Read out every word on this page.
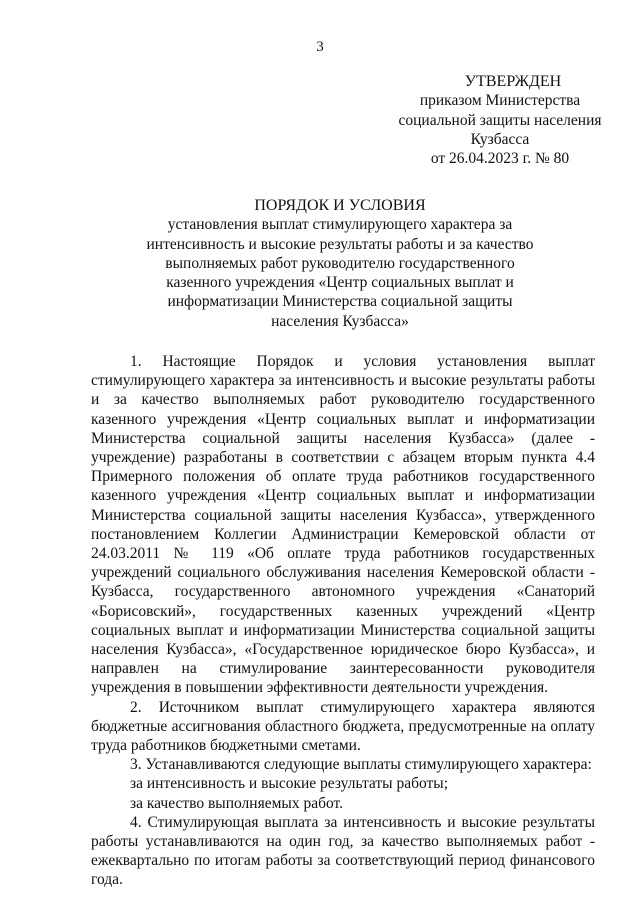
3
УТВЕРЖДЕН
приказом Министерства
социальной защиты населения
Кузбасса
от 26.04.2023 г. № 80
ПОРЯДОК И УСЛОВИЯ
установления выплат стимулирующего характера за
интенсивность и высокие результаты работы и за качество
выполняемых работ руководителю государственного
казенного учреждения «Центр социальных выплат и
информатизации Министерства социальной защиты
населения Кузбасса»

1. Настоящие Порядок и условия установления выплат стимулирующего характера за интенсивность и высокие результаты работы и за качество выполняемых работ руководителю государственного казенного учреждения «Центр социальных выплат и информатизации Министерства социальной защиты населения Кузбасса» (далее - учреждение) разработаны в соответствии с абзацем вторым пункта 4.4 Примерного положения об оплате труда работников государственного казенного учреждения «Центр социальных выплат и информатизации Министерства социальной защиты населения Кузбасса», утвержденного постановлением Коллегии Администрации Кемеровской области от 24.03.2011 № 119 «Об оплате труда работников государственных учреждений социального обслуживания населения Кемеровской области - Кузбасса, государственного автономного учреждения «Санаторий «Борисовский», государственных казенных учреждений «Центр социальных выплат и информатизации Министерства социальной защиты населения Кузбасса», «Государственное юридическое бюро Кузбасса», и направлен на стимулирование заинтересованности руководителя учреждения в повышении эффективности деятельности учреждения.

2. Источником выплат стимулирующего характера являются бюджетные ассигнования областного бюджета, предусмотренные на оплату труда работников бюджетными сметами.

3. Устанавливаются следующие выплаты стимулирующего характера:

за интенсивность и высокие результаты работы;

за качество выполняемых работ.

4. Стимулирующая выплата за интенсивность и высокие результаты работы устанавливаются на один год, за качество выполняемых работ - ежеквартально по итогам работы за соответствующий период финансового года.
